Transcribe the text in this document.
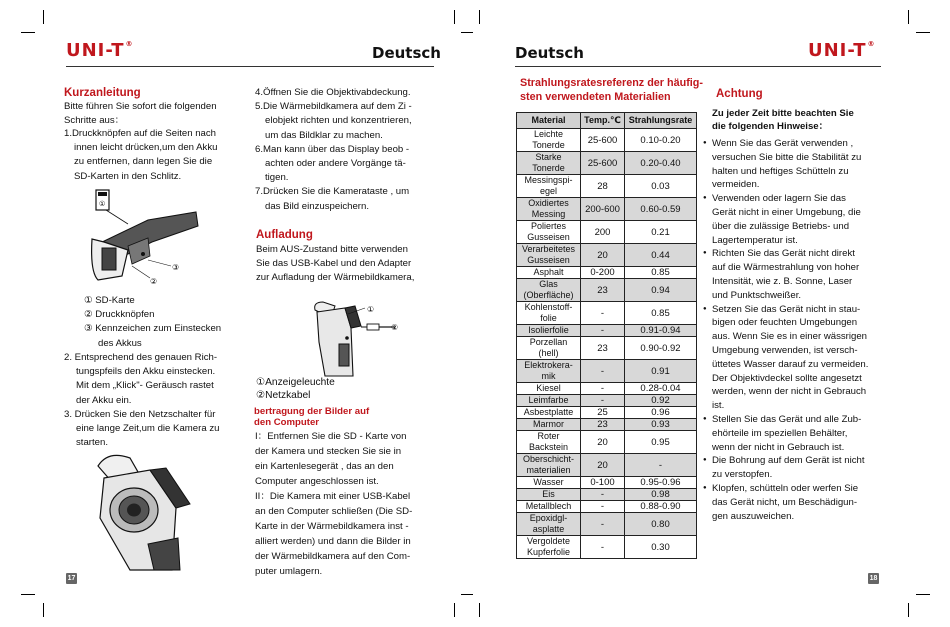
UNI-T®	Deutsch	Deutsch	UNI-T®
Kurzanleitung

Bitte führen Sie sofort die folgenden

Schritte aus：

1.Druckknöpfen auf die Seiten nach

innen leicht drücken,um den Akku

zu entfernen, dann legen Sie die

SD-Karten in den Schlitz.

①
③
②

① SD-Karte

② Druckknöpfen

③ Kennzeichen zum Einstecken

des Akkus

2. Entsprechend des genauen Rich-

tungspfeils den Akku einstecken.

Mit dem „Klick"- Geräusch rastet

der Akku ein.

3. Drücken Sie den Netzschalter für

eine lange Zeit,um die Kamera zu

starten.

17

4.Öffnen Sie die Objektivabdeckung.

5.Die Wärmebildkamera auf dem Zi -

elobjekt richten und konzentrieren,

um das Bildklar zu machen.

6.Man kann über das Display beob -

achten oder andere Vorgänge tä-

tigen.

7.Drücken Sie die Kamerataste , um

das Bild einzuspeichern.

Aufladung

Beim AUS-Zustand bitte verwenden

Sie das USB-Kabel und den Adapter

zur Aufladung der Wärmebildkamera,

①
②

①Anzeigeleuchte

②Netzkabel

bertragung der Bilder auf
den Computer

I：Entfernen Sie die SD - Karte von

der Kamera und stecken Sie sie in

ein Kartenlesegerät , das an den

Computer angeschlossen ist.

II：Die Kamera mit einer USB-Kabel

an den Computer schließen (Die SD-

Karte in der Wärmebildkamera inst -

alliert werden) und dann die Bilder in

der Wärmebildkamera auf den Com-

puter umlagern.

Strahlungsratesreferenz der häufig-
sten verwendeten Materialien
Material	Temp.℃	Strahlungsrate
Leichte Tonerde	25-600	0.10-0.20
Starke Tonerde	25-600	0.20-0.40
Messingspi-egel	28	0.03
Oxidiertes Messing	200-600	0.60-0.59
Poliertes Gusseisen	200	0.21
Verarbeitetes Gusseisen	20	0.44
Asphalt	0-200	0.85
Glas (Oberfläche)	23	0.94
Kohlenstoff-folie	-	0.85
Isolierfolie	-	0.91-0.94
Porzellan (hell)	23	0.90-0.92
Elektrokera-mik	-	0.91
Kiesel	-	0.28-0.04
Leimfarbe	-	0.92
Asbestplatte	25	0.96
Marmor	23	0.93
Roter Backstein	20	0.95
Oberschicht-materialien	20	-
Wasser	0-100	0.95-0.96
Eis	-	0.98
Metallblech	-	0.88-0.90
Epoxidgl-asplatte	-	0.80
Vergoldete Kupferfolie	-	0.30
Achtung

Zu jeder Zeit bitte beachten Sie

die folgenden Hinweise：

● Wenn Sie das Gerät verwenden ,

versuchen Sie bitte die Stabilität zu

halten und heftiges Schütteln zu

vermeiden.

● Verwenden oder lagern Sie das

Gerät nicht in einer Umgebung, die

über die zulässige Betriebs- und

Lagertemperatur ist.

● Richten Sie das Gerät nicht direkt

auf die Wärmestrahlung von hoher

Intensität, wie z. B. Sonne, Laser

und Punktschweißer.

● Setzen Sie das Gerät nicht in stau-

bigen oder feuchten Umgebungen

aus. Wenn Sie es in einer wässrigen

Umgebung verwenden, ist versch-

üttetes Wasser darauf zu vermeiden.

Der Objektivdeckel sollte angesetzt

werden, wenn der nicht in Gebrauch

ist.

● Stellen Sie das Gerät und alle Zub-

ehörteile im speziellen Behälter,

wenn der nicht in Gebrauch ist.

● Die Bohrung auf dem Gerät ist nicht

zu verstopfen.

● Klopfen, schütteln oder werfen Sie

das Gerät nicht, um Beschädigun-

gen auszuweichen.

18
